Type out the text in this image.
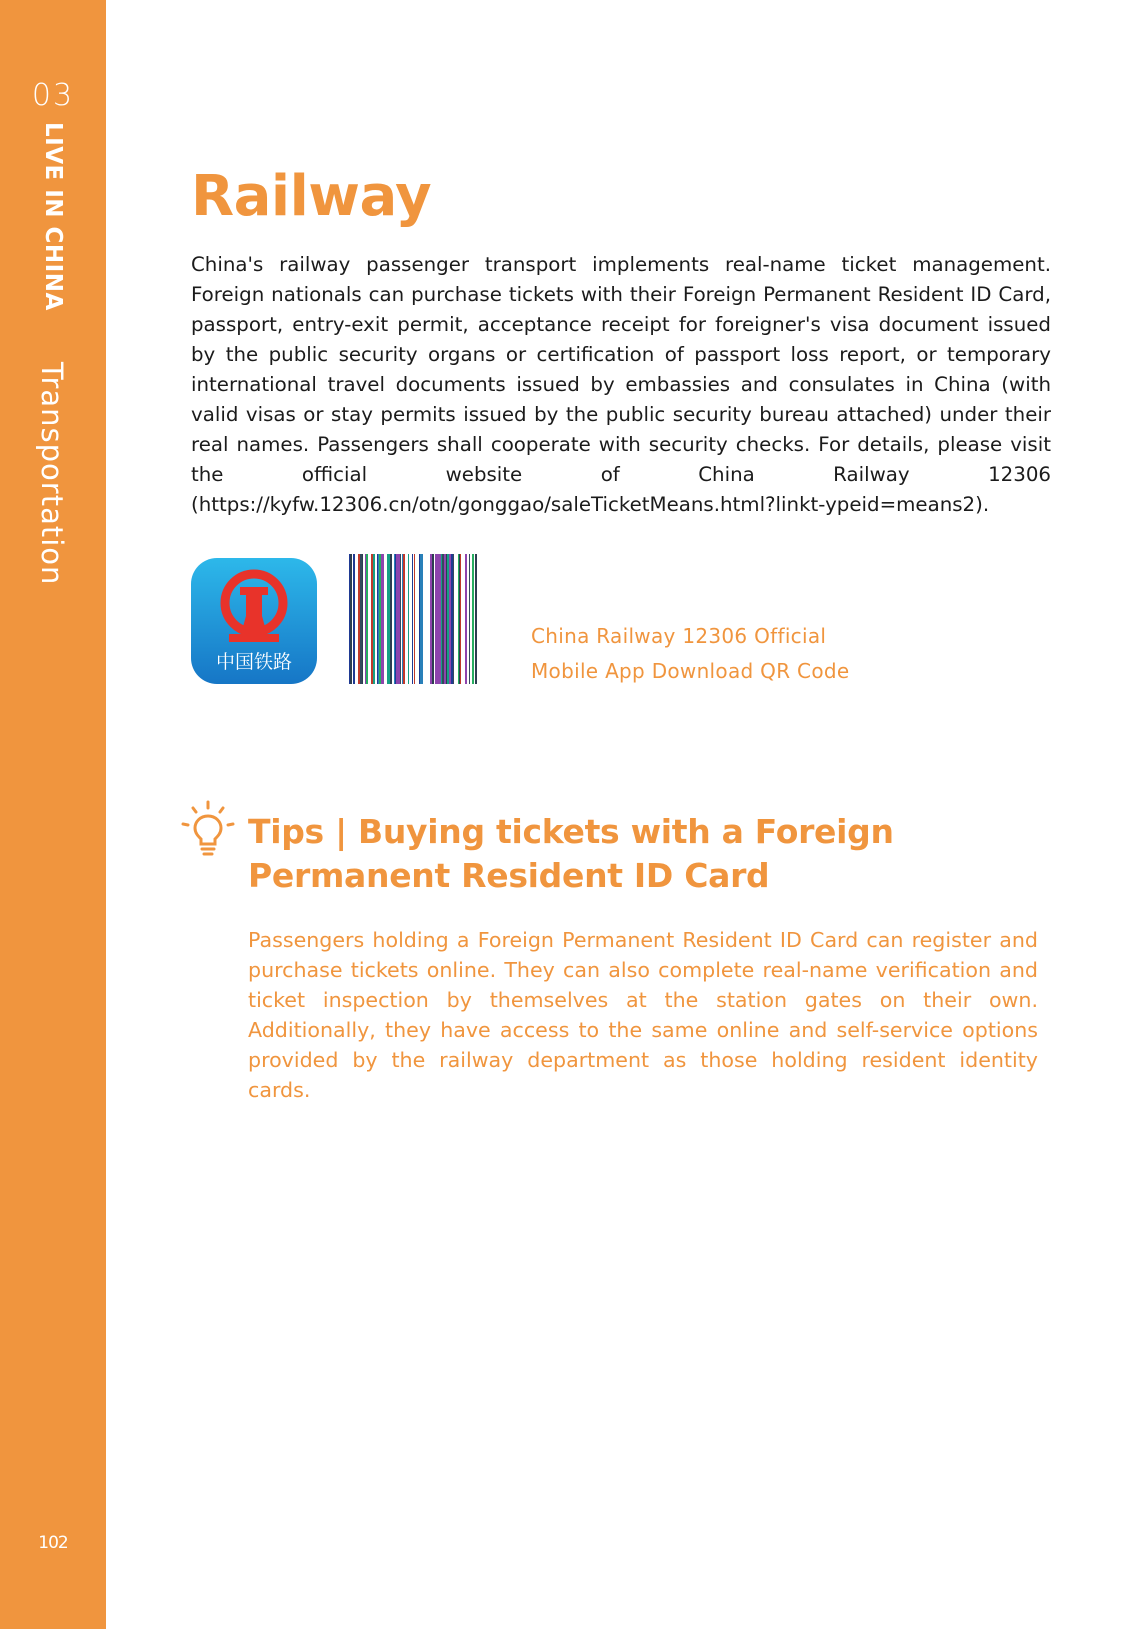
03
LIVE IN CHINA
Transportation
102
Railway

China's railway passenger transport implements real-name ticket management. Foreign nationals can purchase tickets with their Foreign Permanent Resident ID Card, passport, entry-exit permit, acceptance receipt for foreigner's visa document issued by the public security organs or certification of passport loss report, or temporary international travel documents issued by embassies and consulates in China (with valid visas or stay permits issued by the public security bureau attached) under their real names. Passengers shall cooperate with security checks. For details, please visit the official website of China Railway 12306 (https://kyfw.12306.cn/otn/gonggao/saleTicketMeans.html?linkt-ypeid=means2).

中国铁路
China Railway 12306 Official
Mobile App Download QR Code
Tips | Buying tickets with a Foreign Permanent Resident ID Card

Passengers holding a Foreign Permanent Resident ID Card can register and purchase tickets online. They can also complete real-name verification and ticket inspection by themselves at the station gates on their own. Additionally, they have access to the same online and self-service options provided by the railway department as those holding resident identity cards.
